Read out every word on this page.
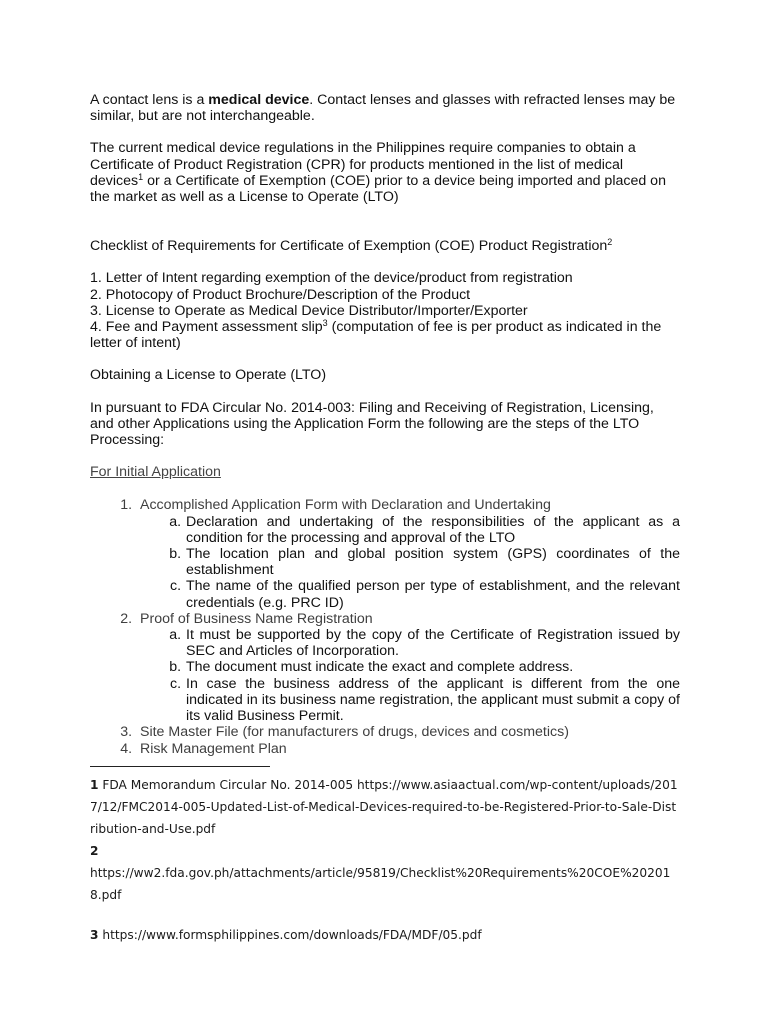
A contact lens is a medical device. Contact lenses and glasses with refracted lenses may be similar, but are not interchangeable.

The current medical device regulations in the Philippines require companies to obtain a Certificate of Product Registration (CPR) for products mentioned in the list of medical devices$^1$ or a Certificate of Exemption (COE) prior to a device being imported and placed on the market as well as a License to Operate (LTO)

Checklist of Requirements for Certificate of Exemption (COE) Product Registration$^2$

1. Letter of Intent regarding exemption of the device/product from registration
2. Photocopy of Product Brochure/Description of the Product
3. License to Operate as Medical Device Distributor/Importer/Exporter
4. Fee and Payment assessment slip$^3$ (computation of fee is per product as indicated in the letter of intent)

Obtaining a License to Operate (LTO)

In pursuant to FDA Circular No. 2014-003: Filing and Receiving of Registration, Licensing, and other Applications using the Application Form the following are the steps of the LTO Processing:

For Initial Application

1. Accomplished Application Form with Declaration and Undertaking
a. Declaration and undertaking of the responsibilities of the applicant as a condition for the processing and approval of the LTO
b. The location plan and global position system (GPS) coordinates of the establishment
c. The name of the qualified person per type of establishment, and the relevant credentials (e.g. PRC ID)
2. Proof of Business Name Registration
a. It must be supported by the copy of the Certificate of Registration issued by SEC and Articles of Incorporation.
b. The document must indicate the exact and complete address.
c. In case the business address of the applicant is different from the one indicated in its business name registration, the applicant must submit a copy of its valid Business Permit.
3. Site Master File (for manufacturers of drugs, devices and cosmetics)
4. Risk Management Plan
1 FDA Memorandum Circular No. 2014-005 https://www.asiaactual.com/wp-content/uploads/2017/12/FMC2014-005-Updated-List-of-Medical-Devices-required-to-be-Registered-Prior-to-Sale-Distribution-and-Use.pdf
2
https://ww2.fda.gov.ph/attachments/article/95819/Checklist%20Requirements%20COE%202018.pdf
3 https://www.formsphilippines.com/downloads/FDA/MDF/05.pdf
